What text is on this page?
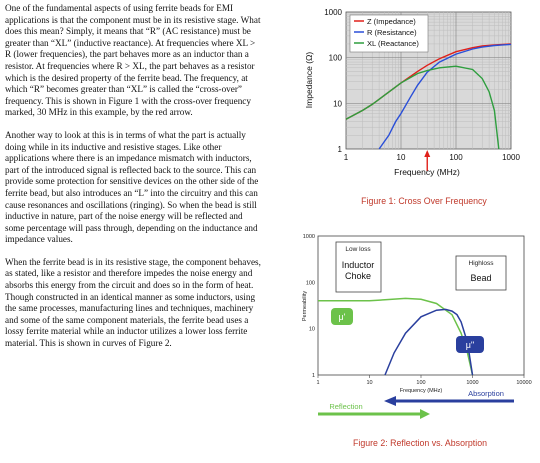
One of the fundamental aspects of using ferrite beads for EMI applications is that the component must be in its resistive stage. What does this mean? Simply, it means that “R” (AC resistance) must be greater than “XL” (inductive reactance). At frequencies where XL > R (lower frequencies), the part behaves more as an inductor than a resistor. At frequencies where R > XL, the part behaves as a resistor which is the desired property of the ferrite bead. The frequency, at which “R” becomes greater than “XL” is called the “cross-over” frequency. This is shown in Figure 1 with the cross-over frequency marked, 30 MHz in this example, by the red arrow.

Another way to look at this is in terms of what the part is actually doing while in its inductive and resistive stages. Like other applications where there is an impedance mismatch with inductors, part of the introduced signal is reflected back to the source. This can provide some protection for sensitive devices on the other side of the ferrite bead, but also introduces an “L” into the circuitry and this can cause resonances and oscillations (ringing). So when the bead is still inductive in nature, part of the noise energy will be reflected and some percentage will pass through, depending on the inductance and impedance values.

When the ferrite bead is in its resistive stage, the component behaves, as stated, like a resistor and therefore impedes the noise energy and absorbs this energy from the circuit and does so in the form of heat. Though constructed in an identical manner as some inductors, using the same processes, manufacturing lines and techniques, machinery and some of the same component materials, the ferrite bead uses a lossy ferrite material while an inductor utilizes a lower loss ferrite material. This is shown in curves of Figure 2.

1	10	100	1000
1
10
100
1000
Z (Impedance)
R (Resistance)
XL (Reactance)
Frequency (MHz)
Impedance (Ω)
Figure 1: Cross Over Frequency
1	10	100	1000	10000
1
10
100
1000
Low loss
Inductor Choke
Highloss
Bead
μ'
μ''
Frequency (MHz)
Permeability
Absorption
Reflection
Figure 2: Reflection vs. Absorption
